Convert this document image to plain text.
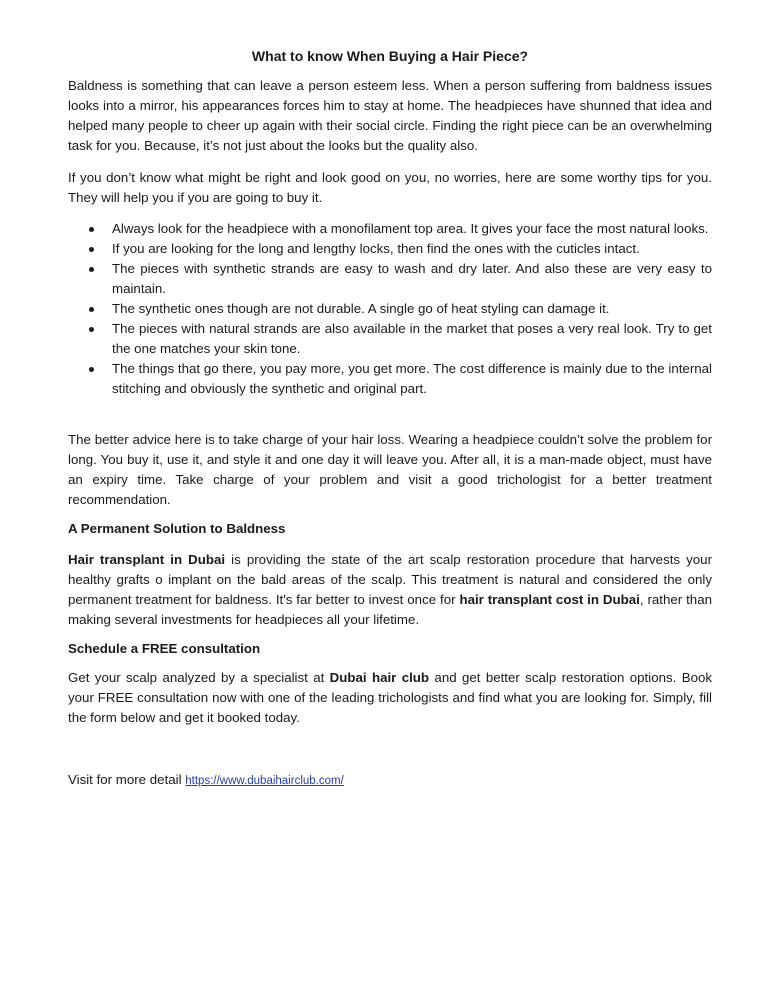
What to know When Buying a Hair Piece?

Baldness is something that can leave a person esteem less. When a person suffering from baldness issues looks into a mirror, his appearances forces him to stay at home. The headpieces have shunned that idea and helped many people to cheer up again with their social circle. Finding the right piece can be an overwhelming task for you. Because, it’s not just about the looks but the quality also.

If you don’t know what might be right and look good on you, no worries, here are some worthy tips for you. They will help you if you are going to buy it.

Always look for the headpiece with a monofilament top area. It gives your face the most natural looks.
If you are looking for the long and lengthy locks, then find the ones with the cuticles intact.
The pieces with synthetic strands are easy to wash and dry later. And also these are very easy to maintain.
The synthetic ones though are not durable. A single go of heat styling can damage it.
The pieces with natural strands are also available in the market that poses a very real look. Try to get the one matches your skin tone.
The things that go there, you pay more, you get more. The cost difference is mainly due to the internal stitching and obviously the synthetic and original part.

The better advice here is to take charge of your hair loss. Wearing a headpiece couldn’t solve the problem for long. You buy it, use it, and style it and one day it will leave you. After all, it is a man-made object, must have an expiry time. Take charge of your problem and visit a good trichologist for a better treatment recommendation.

A Permanent Solution to Baldness

Hair transplant in Dubai is providing the state of the art scalp restoration procedure that harvests your healthy grafts o implant on the bald areas of the scalp. This treatment is natural and considered the only permanent treatment for baldness. It's far better to invest once for hair transplant cost in Dubai, rather than making several investments for headpieces all your lifetime.

Schedule a FREE consultation

Get your scalp analyzed by a specialist at Dubai hair club and get better scalp restoration options. Book your FREE consultation now with one of the leading trichologists and find what you are looking for. Simply, fill the form below and get it booked today.

Visit for more detail https://www.dubaihairclub.com/
